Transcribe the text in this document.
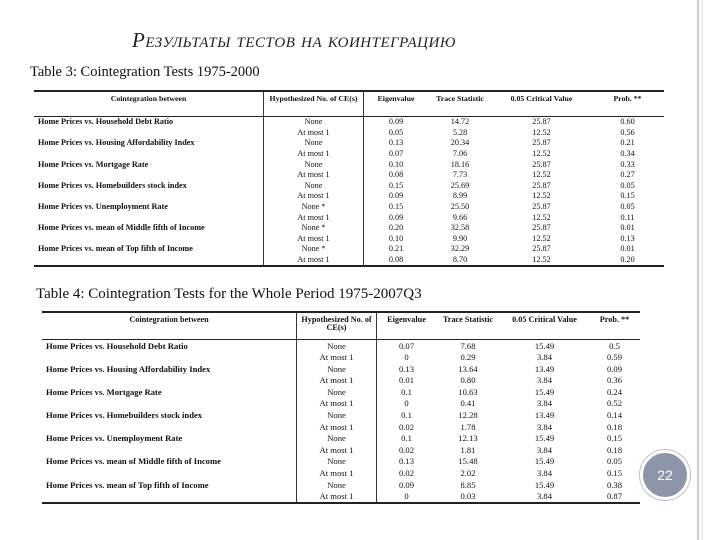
Результаты тестов на коинтеграцию
Table 3: Cointegration Tests 1975-2000
Cointegration between	Hypothesized No. of CE(s)	Eigenvalue	Trace Statistic	0.05 Critical Value	Prob. **
Home Prices vs. Household Debt Ratio	None	0.09	14.72	25.87	0.60
	At most 1	0.05	5.28	12.52	0.56
Home Prices vs. Housing Affordability Index	None	0.13	20.34	25.87	0.21
	At most 1	0.07	7.06	12.52	0.34
Home Prices vs. Mortgage Rate	None	0.10	18.16	25.87	0.33
	At most 1	0.08	7.73	12.52	0.27
Home Prices vs. Homebuilders stock index	None	0.15	25.69	25.87	0.05
	At most 1	0.09	8.99	12.52	0.15
Home Prices vs. Unemployment Rate	None *	0.15	25.50	25.87	0.05
	At most 1	0.09	9.66	12.52	0.11
Home Prices vs. mean of Middle fifth of Income	None *	0.20	32.58	25.87	0.01
	At most 1	0.10	9.90	12.52	0.13
Home Prices vs. mean of Top fifth of Income	None *	0.21	32.29	25.87	0.01
	At most 1	0.08	8.70	12.52	0.20
Table 4: Cointegration Tests for the Whole Period 1975-2007Q3
Cointegration between	Hypothesized No. of CE(s)	Eigenvalue	Trace Statistic	0.05 Critical Value	Prob. **
Home Prices vs. Household Debt Ratio	None	0.07	7.68	15.49	0.5
	At most 1	0	0.29	3.84	0.59
Home Prices vs. Housing Affordability Index	None	0.13	13.64	13.49	0.09
	At most 1	0.01	0.80	3.84	0.36
Home Prices vs. Mortgage Rate	None	0.1	10.63	15.49	0.24
	At most 1	0	0.41	3.84	0.52
Home Prices vs. Homebuilders stock index	None	0.1	12.28	13.49	0.14
	At most 1	0.02	1.78	3.84	0.18
Home Prices vs. Unemployment Rate	None	0.1	12.13	15.49	0.15
	At most 1	0.02	1.81	3.84	0.18
Home Prices vs. mean of Middle fifth of Income	None	0.13	15.48	15.49	0.05
	At most 1	0.02	2.02	3.84	0.15
Home Prices vs. mean of Top fifth of Income	None	0.09	8.85	15.49	0.38
	At most 1	0	0.03	3.84	0.87
22
